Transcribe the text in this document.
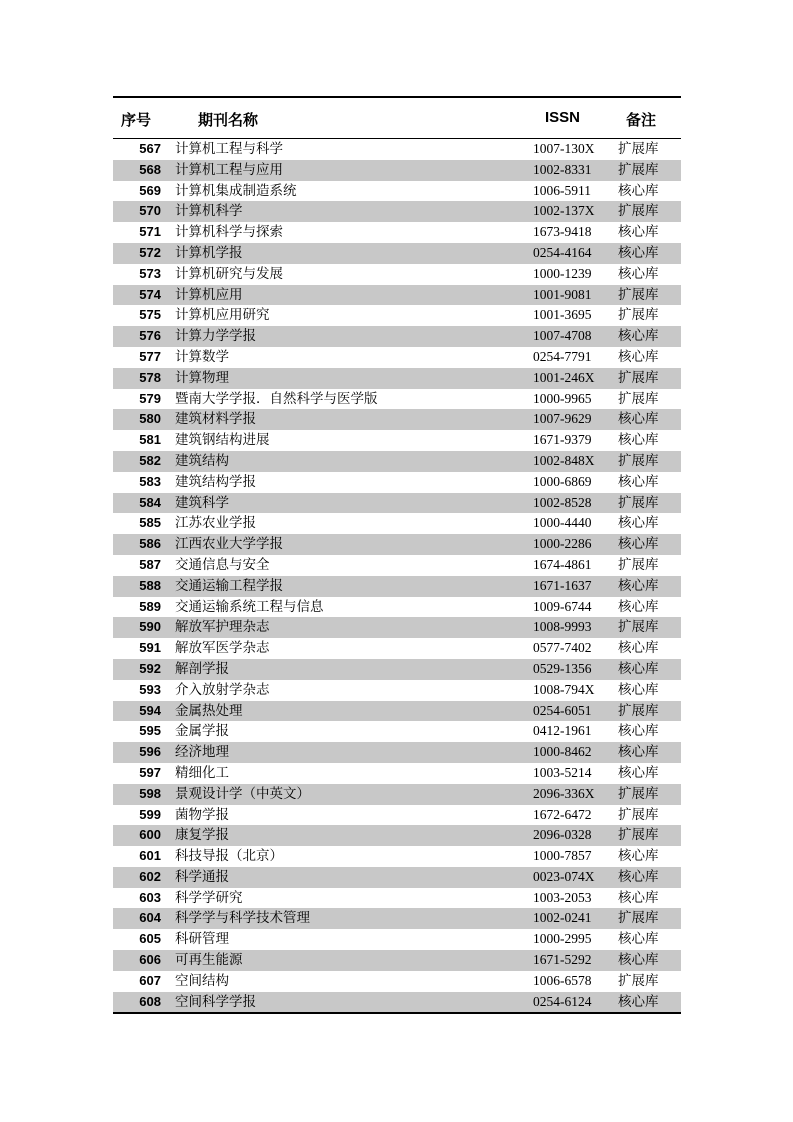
序号	期刊名称	ISSN	备注
567 计算机工程与科学	1007-130X 扩展库
568 计算机工程与应用	1002-8331 扩展库
569 计算机集成制造系统	1006-5911 核心库
570 计算机科学	1002-137X 扩展库
571 计算机科学与探索	1673-9418 核心库
572 计算机学报	0254-4164 核心库
573 计算机研究与发展	1000-1239 核心库
574 计算机应用	1001-9081 扩展库
575 计算机应用研究	1001-3695 扩展库
576 计算力学学报	1007-4708 核心库
577 计算数学	0254-7791 核心库
578 计算物理	1001-246X 扩展库
579 暨南大学学报．自然科学与医学版	1000-9965 扩展库
580 建筑材料学报	1007-9629 核心库
581 建筑钢结构进展	1671-9379 核心库
582 建筑结构	1002-848X 扩展库
583 建筑结构学报	1000-6869 核心库
584 建筑科学	1002-8528 扩展库
585 江苏农业学报	1000-4440 核心库
586 江西农业大学学报	1000-2286 核心库
587 交通信息与安全	1674-4861 扩展库
588 交通运输工程学报	1671-1637 核心库
589 交通运输系统工程与信息	1009-6744 核心库
590 解放军护理杂志	1008-9993 扩展库
591 解放军医学杂志	0577-7402 核心库
592 解剖学报	0529-1356 核心库
593 介入放射学杂志	1008-794X 核心库
594 金属热处理	0254-6051 扩展库
595 金属学报	0412-1961 核心库
596 经济地理	1000-8462 核心库
597 精细化工	1003-5214 核心库
598 景观设计学（中英文）	2096-336X 扩展库
599 菌物学报	1672-6472 扩展库
600 康复学报	2096-0328 扩展库
601 科技导报（北京）	1000-7857 核心库
602 科学通报	0023-074X 核心库
603 科学学研究	1003-2053 核心库
604 科学学与科学技术管理	1002-0241 扩展库
605 科研管理	1000-2995 核心库
606 可再生能源	1671-5292 核心库
607 空间结构	1006-6578 扩展库
608 空间科学学报	0254-6124 核心库
